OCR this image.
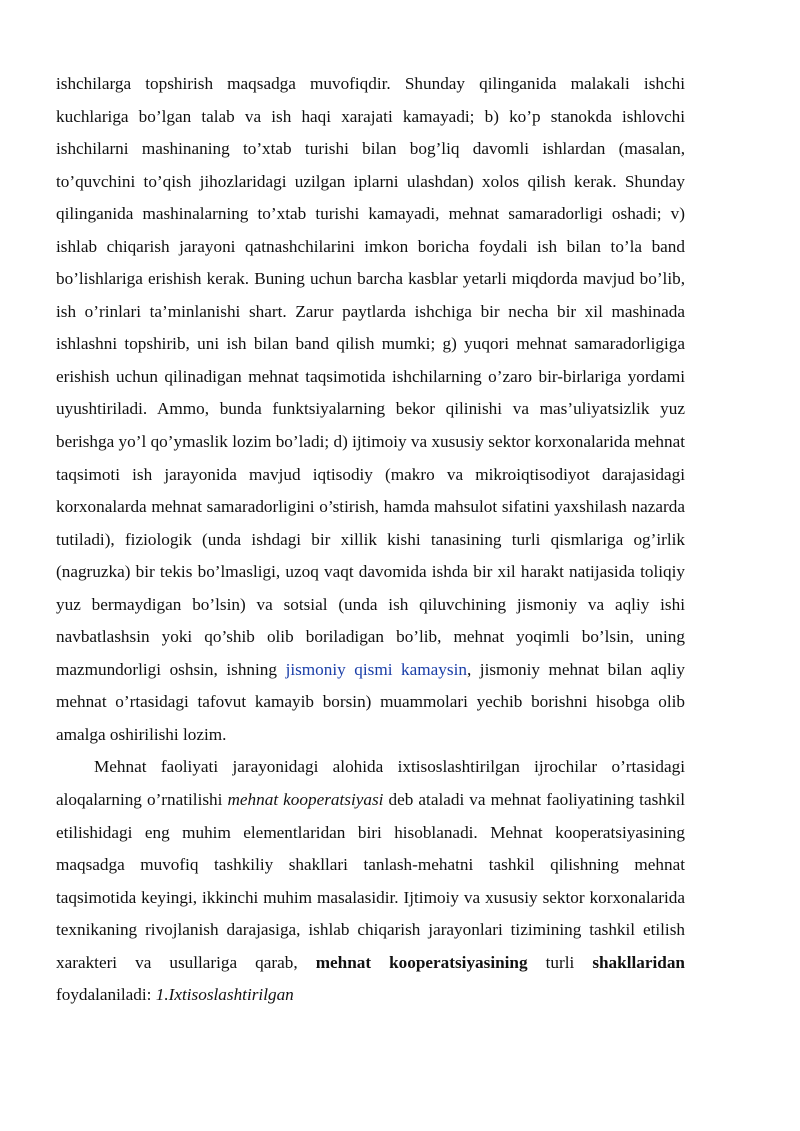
ishchilarga topshirish maqsadga muvofiqdir. Shunday qilinganida malakali ishchi kuchlariga bo’lgan talab va ish haqi xarajati kamayadi; b) ko’p stanokda ishlovchi ishchilarni mashinaning to’xtab turishi bilan bog’liq davomli ishlardan (masalan, to’quvchini to’qish jihozlaridagi uzilgan iplarni ulashdan) xolos qilish kerak. Shunday qilinganida mashinalarning to’xtab turishi kamayadi, mehnat samaradorligi oshadi; v) ishlab chiqarish jarayoni qatnashchilarini imkon boricha foydali ish bilan to’la band bo’lishlariga erishish kerak. Buning uchun barcha kasblar yetarli miqdorda mavjud bo’lib, ish o’rinlari ta’minlanishi shart. Zarur paytlarda ishchiga bir necha bir xil mashinada ishlashni topshirib, uni ish bilan band qilish mumki; g) yuqori mehnat samaradorligiga erishish uchun qilinadigan mehnat taqsimotida ishchilarning o’zaro bir-birlariga yordami uyushtiriladi. Ammo, bunda funktsiyalarning bekor qilinishi va mas’uliyatsizlik yuz berishga yo’l qo’ymaslik lozim bo’ladi; d) ijtimoiy va xususiy sektor korxonalarida mehnat taqsimoti ish jarayonida mavjud iqtisodiy (makro va mikroiqtisodiyot darajasidagi korxonalarda mehnat samaradorligini o’stirish, hamda mahsulot sifatini yaxshilash nazarda tutiladi), fiziologik (unda ishdagi bir xillik kishi tanasining turli qismlariga og’irlik (nagruzka) bir tekis bo’lmasligi, uzoq vaqt davomida ishda bir xil harakt natijasida toliqiy yuz bermaydigan bo’lsin) va sotsial (unda ish qiluvchining jismoniy va aqliy ishi navbatlashsin yoki qo’shib olib boriladigan bo’lib, mehnat yoqimli bo’lsin, uning mazmundorligi oshsin, ishning jismoniy qismi kamaysin, jismoniy mehnat bilan aqliy mehnat o’rtasidagi tafovut kamayib borsin) muammolari yechib borishni hisobga olib amalga oshirilishi lozim.

Mehnat faoliyati jarayonidagi alohida ixtisoslashtirilgan ijrochilar o’rtasidagi aloqalarning o’rnatilishi mehnat kooperatsiyasi deb ataladi va mehnat faoliyatining tashkil etilishidagi eng muhim elementlaridan biri hisoblanadi. Mehnat kooperatsiyasining maqsadga muvofiq tashkiliy shakllari tanlash-mehatni tashkil qilishning mehnat taqsimotida keyingi, ikkinchi muhim masalasidir. Ijtimoiy va xususiy sektor korxonalarida texnikaning rivojlanish darajasiga, ishlab chiqarish jarayonlari tizimining tashkil etilish xarakteri va usullariga qarab, mehnat kooperatsiyasining turli shakllaridan foydalaniladi: 1.Ixtisoslashtirilgan
